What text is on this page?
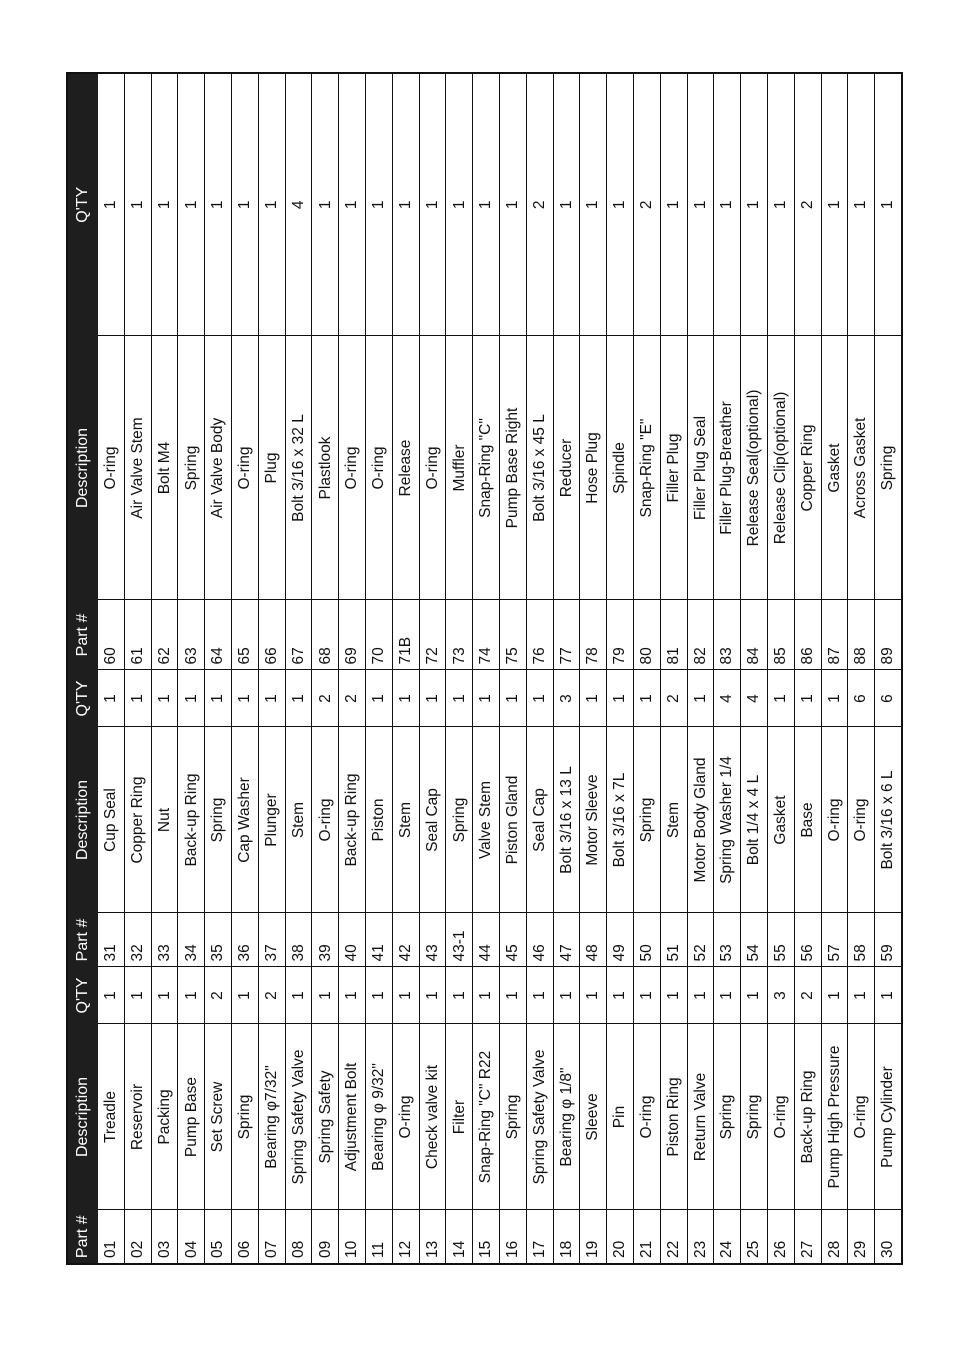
Part #	Description	Q'TY	Part #	Description	Q'TY	Part #	Description	Q'TY
01	Treadle	1	31	Cup Seal	1	60	O-ring	1
02	Reservoir	1	32	Copper Ring	1	61	Air Valve Stem	1
03	Packing	1	33	Nut	1	62	Bolt M4	1
04	Pump Base	1	34	Back-up Ring	1	63	Spring	1
05	Set Screw	2	35	Spring	1	64	Air Valve Body	1
06	Spring	1	36	Cap Washer	1	65	O-ring	1
07	Bearing φ7/32"	2	37	Plunger	1	66	Plug	1
08	Spring Safety Valve	1	38	Stem	1	67	Bolt 3/16 x 32 L	4
09	Spring Safety	1	39	O-ring	2	68	Plastlook	1
10	Adjustment Bolt	1	40	Back-up Ring	2	69	O-ring	1
11	Bearing φ 9/32"	1	41	Piston	1	70	O-ring	1
12	O-ring	1	42	Stem	1	71B	Release	1
13	Check valve kit	1	43	Seal Cap	1	72	O-ring	1
14	Filter	1	43-1	Spring	1	73	Muffler	1
15	Snap-Ring "C" R22	1	44	Valve Stem	1	74	Snap-Ring "C"	1
16	Spring	1	45	Piston Gland	1	75	Pump Base Right	1
17	Spring Safety Valve	1	46	Seal Cap	1	76	Bolt 3/16 x 45 L	2
18	Bearing φ 1/8"	1	47	Bolt 3/16 x 13 L	3	77	Reducer	1
19	Sleeve	1	48	Motor Sleeve	1	78	Hose Plug	1
20	Pin	1	49	Bolt 3/16 x 7L	1	79	Spindle	1
21	O-ring	1	50	Spring	1	80	Snap-Ring "E"	2
22	Piston Ring	1	51	Stem	2	81	Filler Plug	1
23	Return Valve	1	52	Motor Body Gland	1	82	Filler Plug Seal	1
24	Spring	1	53	Spring Washer 1/4	4	83	Filler Plug-Breather	1
25	Spring	1	54	Bolt 1/4 x 4 L	4	84	Release Seal(optional)	1
26	O-ring	3	55	Gasket	1	85	Release Clip(optional)	1
27	Back-up Ring	2	56	Base	1	86	Copper Ring	2
28	Pump High Pressure	1	57	O-ring	1	87	Gasket	1
29	O-ring	1	58	O-ring	6	88	Across Gasket	1
30	Pump Cylinder	1	59	Bolt 3/16 x 6 L	6	89	Spring	1
